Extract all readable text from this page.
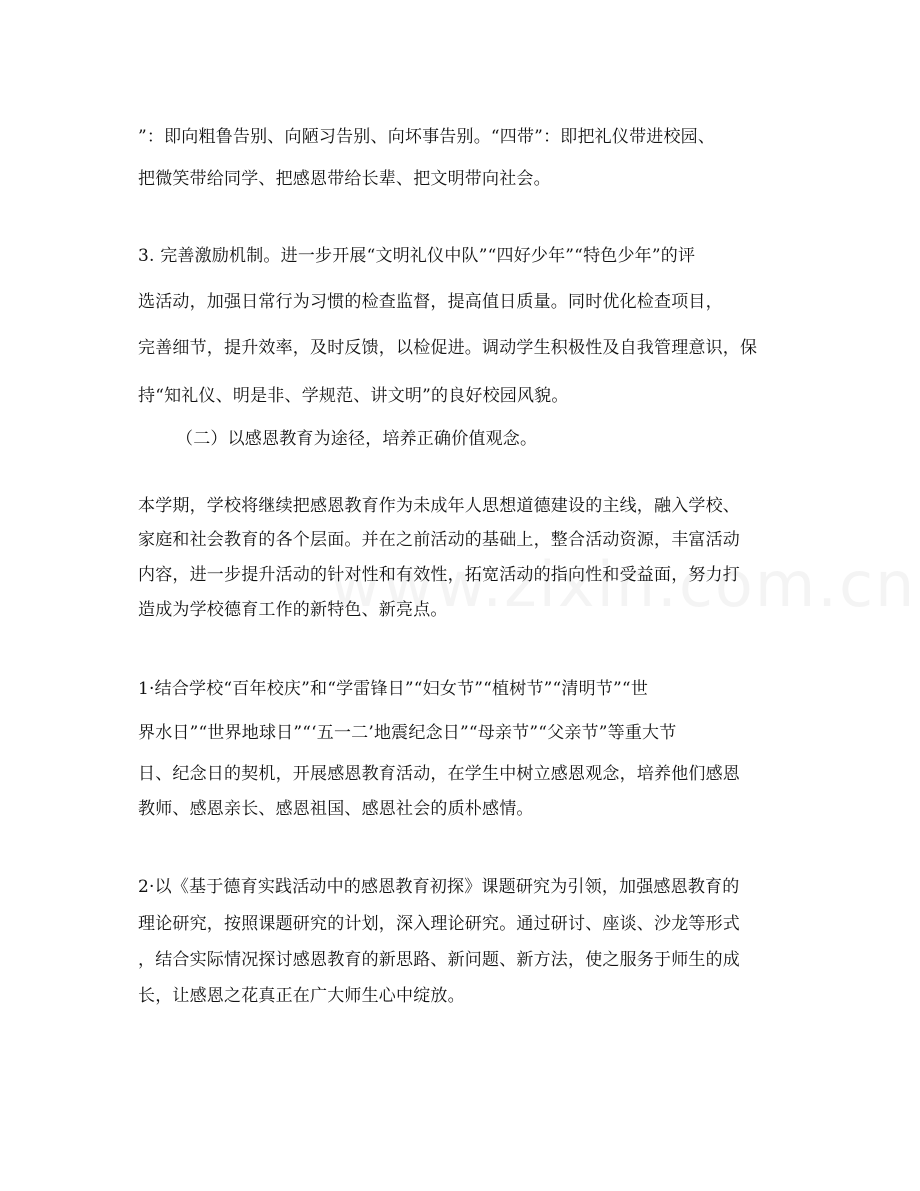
”：即向粗鲁告别、向陋习告别、向坏事告别。“四带”：即把礼仪带进校园、
把微笑带给同学、把感恩带给长辈、把文明带向社会。
3. 完善激励机制。进一步开展“文明礼仪中队”“四好少年”“特色少年”的评
选活动，加强日常行为习惯的检查监督，提高值日质量。同时优化检查项目，
完善细节，提升效率，及时反馈，以检促进。调动学生积极性及自我管理意识，保
持“知礼仪、明是非、学规范、讲文明”的良好校园风貌。
（二）以感恩教育为途径，培养正确价值观念。
本学期，学校将继续把感恩教育作为未成年人思想道德建设的主线，融入学校、
家庭和社会教育的各个层面。并在之前活动的基础上，整合活动资源，丰富活动
内容，进一步提升活动的针对性和有效性，拓宽活动的指向性和受益面，努力打
造成为学校德育工作的新特色、新亮点。
1·结合学校“百年校庆”和“学雷锋日”“妇女节”“植树节”“清明节”“世
界水日”“世界地球日”“‘五一二’地震纪念日”“母亲节”“父亲节”等重大节
日、纪念日的契机，开展感恩教育活动，在学生中树立感恩观念，培养他们感恩
教师、感恩亲长、感恩祖国、感恩社会的质朴感情。
2·以《基于德育实践活动中的感恩教育初探》课题研究为引领，加强感恩教育的
理论研究，按照课题研究的计划，深入理论研究。通过研讨、座谈、沙龙等形式
，结合实际情况探讨感恩教育的新思路、新问题、新方法，使之服务于师生的成
长，让感恩之花真正在广大师生心中绽放。
